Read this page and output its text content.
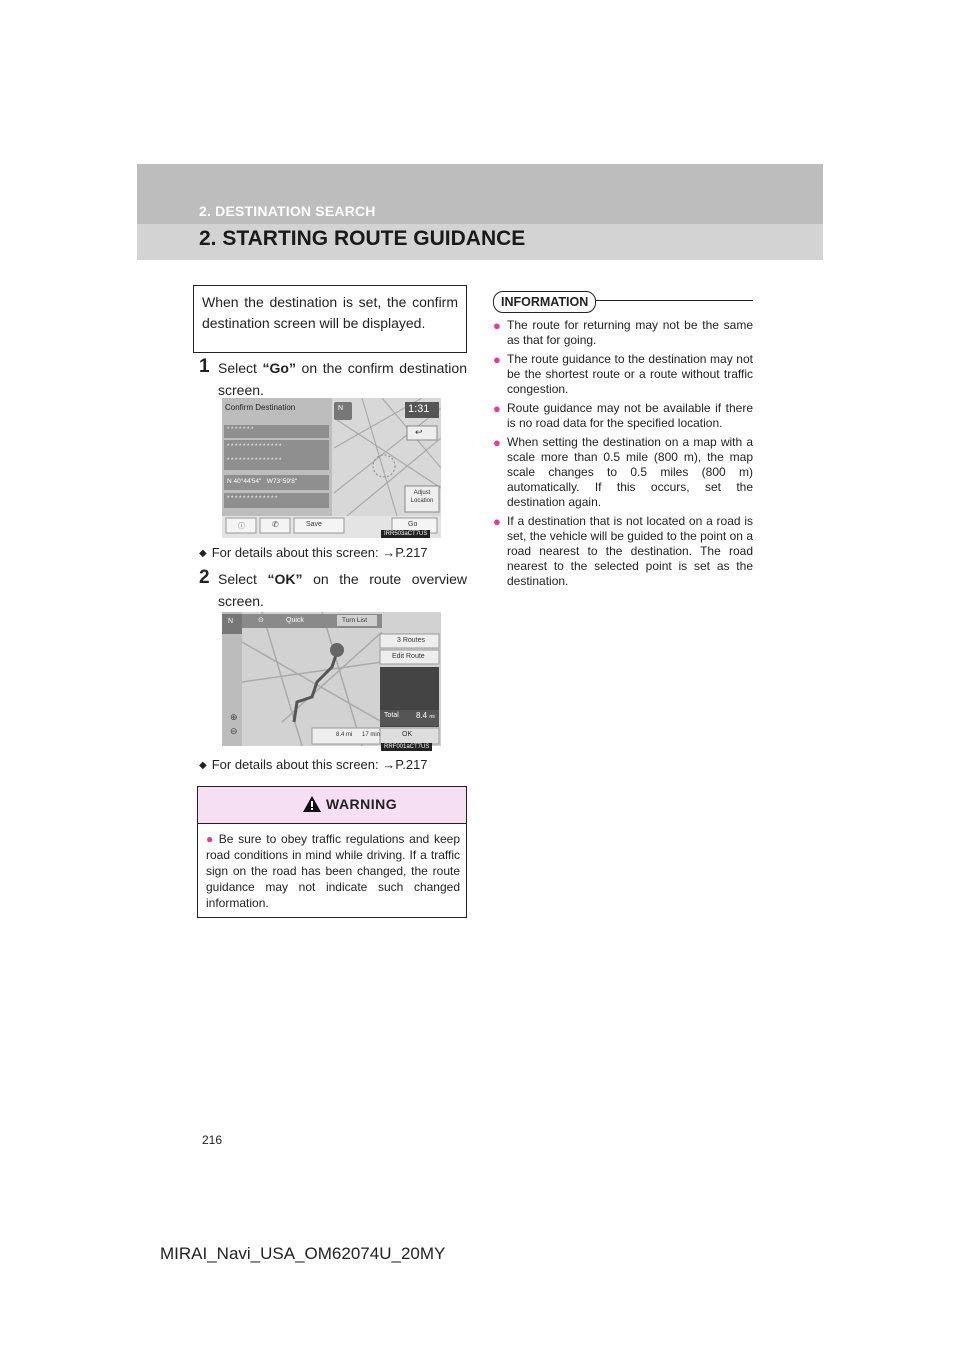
2. DESTINATION SEARCH
2. STARTING ROUTE GUIDANCE
When the destination is set, the confirm destination screen will be displayed.
1 Select “Go” on the confirm destination screen.
Confirm Destination	1:31
N
↩
* * * * * * *
* * * * * * * * * * * * * *
* * * * * * * * * * * * * *
N 40°44'54"   W73°59'8"
* * * * * * * * * * * * *
Adjust Location
ⓘ	✆	Save	Go
IRR503aCT7US
◆ For details about this screen: →P.217
2 Select “OK” on the route overview screen.
N	⊙	Quick	Turn List
3 Routes
Edit Route
Total 8.4 mi
⊕
⊖	8.4 mi 17 min	OK
RRF001aCT7US
◆ For details about this screen: →P.217
WARNING
● Be sure to obey traffic regulations and keep road conditions in mind while driving. If a traffic sign on the road has been changed, the route guidance may not indicate such changed information.
INFORMATION
● The route for returning may not be the same as that for going.
● The route guidance to the destination may not be the shortest route or a route without traffic congestion.
● Route guidance may not be available if there is no road data for the specified location.
● When setting the destination on a map with a scale more than 0.5 mile (800 m), the map scale changes to 0.5 miles (800 m) automatically. If this occurs, set the destination again.
● If a destination that is not located on a road is set, the vehicle will be guided to the point on a road nearest to the destination. The road nearest to the selected point is set as the destination.
216
MIRAI_Navi_USA_OM62074U_20MY
